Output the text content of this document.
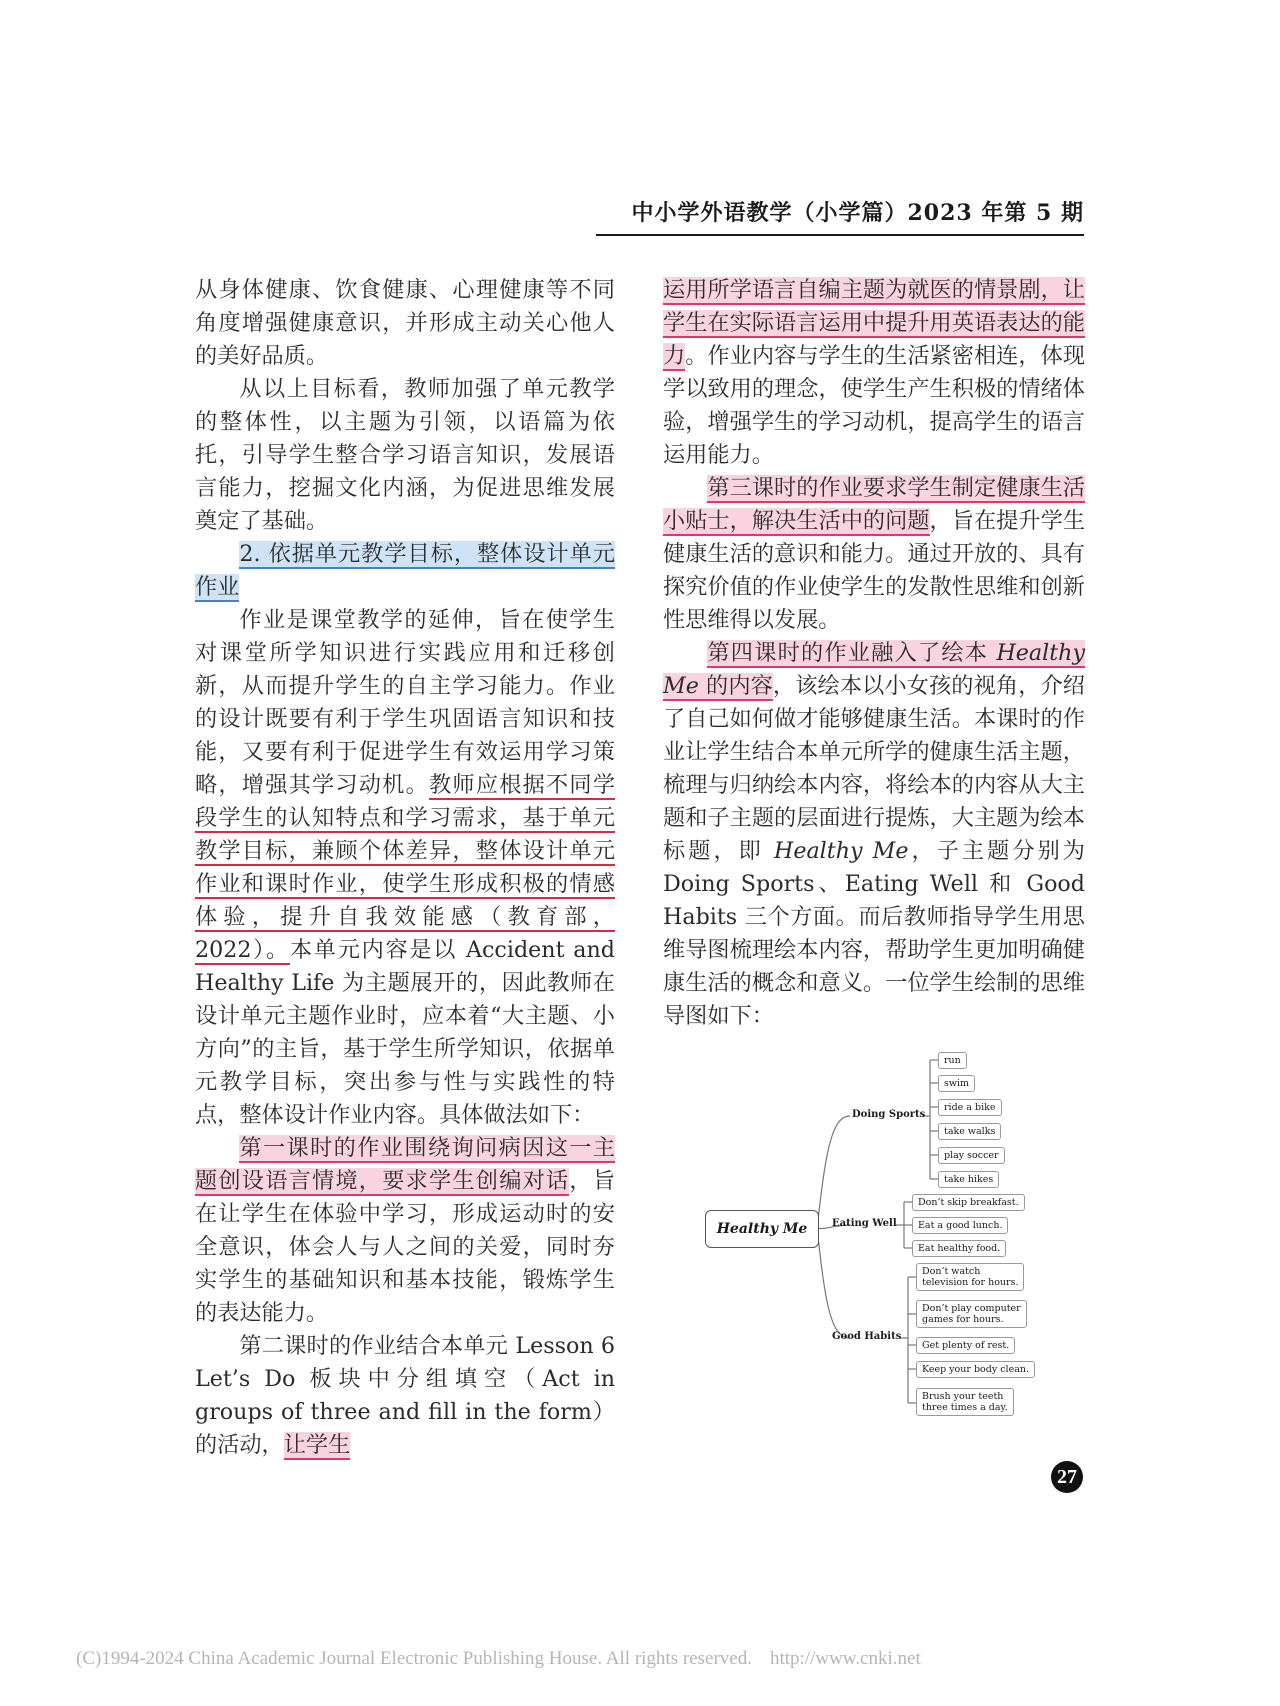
中小学外语教学（小学篇）2023 年第 5 期

从身体健康、饮食健康、心理健康等不同角度增强健康意识，并形成主动关心他人的美好品质。

从以上目标看，教师加强了单元教学的整体性，以主题为引领，以语篇为依托，引导学生整合学习语言知识，发展语言能力，挖掘文化内涵，为促进思维发展奠定了基础。

2. 依据单元教学目标，整体设计单元作业

作业是课堂教学的延伸，旨在使学生对课堂所学知识进行实践应用和迁移创新，从而提升学生的自主学习能力。作业的设计既要有利于学生巩固语言知识和技能，又要有利于促进学生有效运用学习策略，增强其学习动机。教师应根据不同学段学生的认知特点和学习需求，基于单元教学目标，兼顾个体差异，整体设计单元作业和课时作业，使学生形成积极的情感体验，提升自我效能感（教育部，2022）。本单元内容是以 Accident and Healthy Life 为主题展开的，因此教师在设计单元主题作业时，应本着“大主题、小方向”的主旨，基于学生所学知识，依据单元教学目标，突出参与性与实践性的特点，整体设计作业内容。具体做法如下：

第一课时的作业围绕询问病因这一主题创设语言情境，要求学生创编对话，旨在让学生在体验中学习，形成运动时的安全意识，体会人与人之间的关爱，同时夯实学生的基础知识和基本技能，锻炼学生的表达能力。

第二课时的作业结合本单元 Lesson 6 Let’s Do 板块中分组填空（Act in groups of three and fill in the form）的活动，让学生

运用所学语言自编主题为就医的情景剧，让学生在实际语言运用中提升用英语表达的能力。作业内容与学生的生活紧密相连，体现学以致用的理念，使学生产生积极的情绪体验，增强学生的学习动机，提高学生的语言运用能力。

第三课时的作业要求学生制定健康生活小贴士，解决生活中的问题，旨在提升学生健康生活的意识和能力。通过开放的、具有探究价值的作业使学生的发散性思维和创新性思维得以发展。

第四课时的作业融入了绘本 Healthy Me 的内容，该绘本以小女孩的视角，介绍了自己如何做才能够健康生活。本课时的作业让学生结合本单元所学的健康生活主题，梳理与归纳绘本内容，将绘本的内容从大主题和子主题的层面进行提炼，大主题为绘本标题，即 Healthy Me，子主题分别为 Doing Sports、Eating Well 和 Good Habits 三个方面。而后教师指导学生用思维导图梳理绘本内容，帮助学生更加明确健康生活的概念和意义。一位学生绘制的思维导图如下：

Healthy Me
Doing Sports
Eating Well
Good Habits
run
swim
ride a bike
take walks
play soccer
take hikes
Don’t skip breakfast.
Eat a good lunch.
Eat healthy food.
Don’t watch
television for hours.
Don’t play computer
games for hours.
Get plenty of rest.
Keep your body clean.
Brush your teeth
three times a day.
27
(C)1994-2024 China Academic Journal Electronic Publishing House. All rights reserved. http://www.cnki.net
